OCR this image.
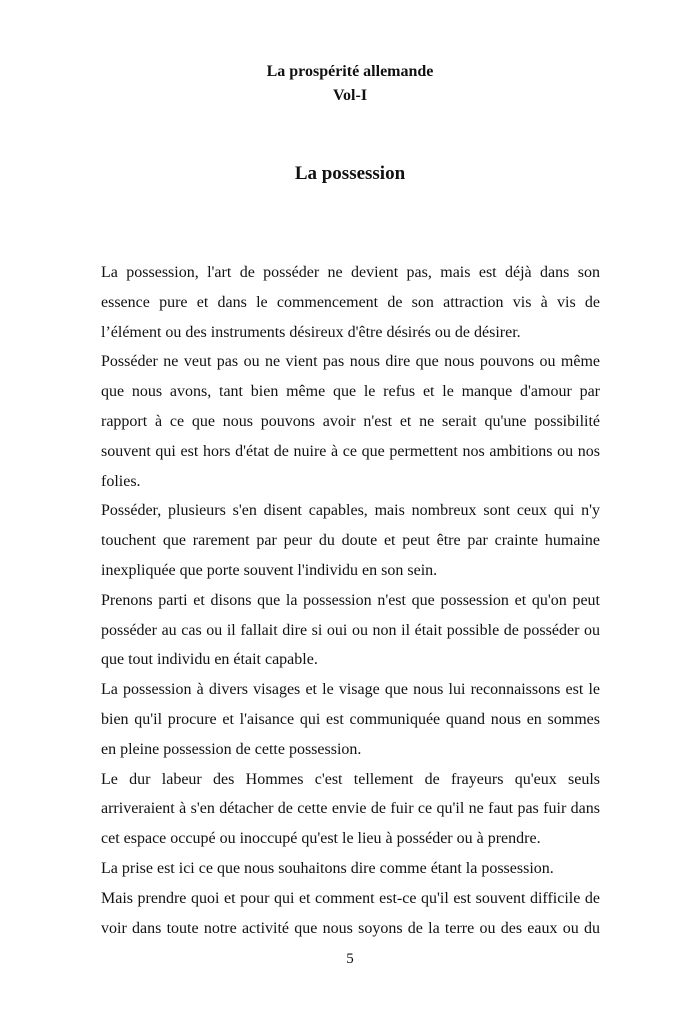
La prospérité allemande
Vol-I
La possession
La possession, l'art de posséder ne devient pas, mais est déjà dans son
essence pure et dans le commencement de son attraction vis à vis de
l’élément ou des instruments désireux d'être désirés ou de désirer.
Posséder ne veut pas ou ne vient pas nous dire que nous pouvons ou même
que nous avons, tant bien même que le refus et le manque d'amour par
rapport à ce que nous pouvons avoir n'est et ne serait qu'une possibilité
souvent qui est hors d'état de nuire à ce que permettent nos ambitions ou nos
folies.
Posséder, plusieurs s'en disent capables, mais nombreux sont ceux qui n'y
touchent que rarement par peur du doute et peut être par crainte humaine
inexpliquée que porte souvent l'individu en son sein.
Prenons parti et disons que la possession n'est que possession et qu'on peut
posséder au cas ou il fallait dire si oui ou non il était possible de posséder ou
que tout individu en était capable.
La possession à divers visages et le visage que nous lui reconnaissons est le
bien qu'il procure et l'aisance qui est communiquée quand nous en sommes
en pleine possession de cette possession.
Le dur labeur des Hommes c'est tellement de frayeurs qu'eux seuls
arriveraient à s'en détacher de cette envie de fuir ce qu'il ne faut pas fuir dans
cet espace occupé ou inoccupé qu'est le lieu à posséder ou à prendre.
La prise est ici ce que nous souhaitons dire comme étant la possession.
Mais prendre quoi et pour qui et comment est-ce qu'il est souvent difficile de
voir dans toute notre activité que nous soyons de la terre ou des eaux ou du
5
